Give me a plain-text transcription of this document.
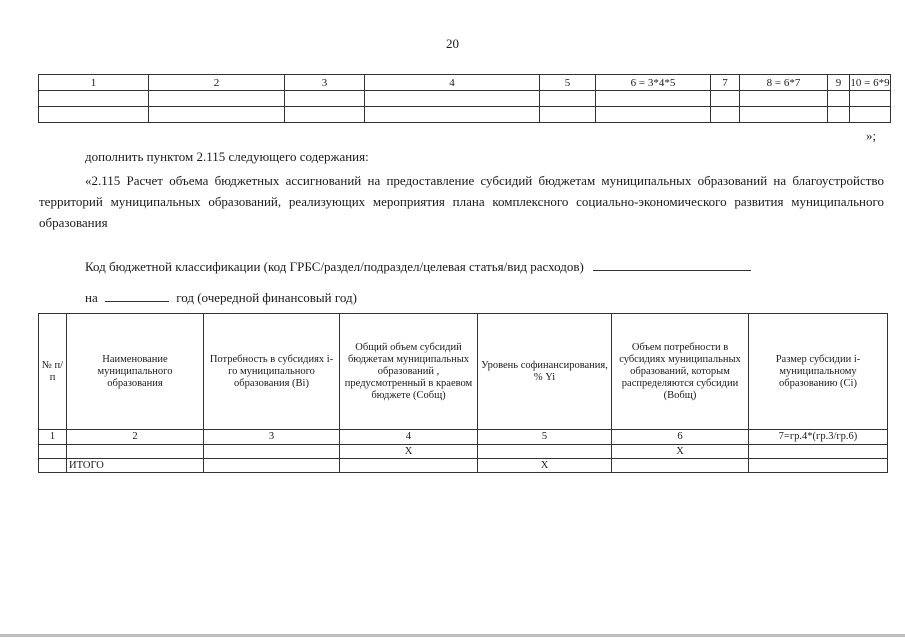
20
1	2	3	4	5	6 = 3*4*5	7	8 = 6*7	9	10 = 6*9

»;

дополнить пунктом 2.115 следующего содержания:

«2.115 Расчет объема бюджетных ассигнований на предоставление субсидий бюджетам муниципальных образований на благоустройство территорий муниципальных образований, реализующих мероприятия плана комплексного социально-экономического развития муниципального образования

Код бюджетной классификации (код ГРБС/раздел/подраздел/целевая статья/вид расходов)

на	год (очередной финансовый год)

№ п/п	Наименование муниципального образования	Потребность в субсидиях i-го муниципального образования (Bi)	Общий объем субсидий бюджетам муниципальных образований , предусмотренный в краевом бюджете (Собщ)	Уровень софинансирования, % Yi	Объем потребности в субсидиях муниципальных образований, которым распределяются субсидии (Вобщ)	Размер субсидии i-муниципальному образованию (Ci)
1	2	3	4	5	6	7=гр.4*(гр.3/гр.6)
			X		X	
	ИТОГО			X		
